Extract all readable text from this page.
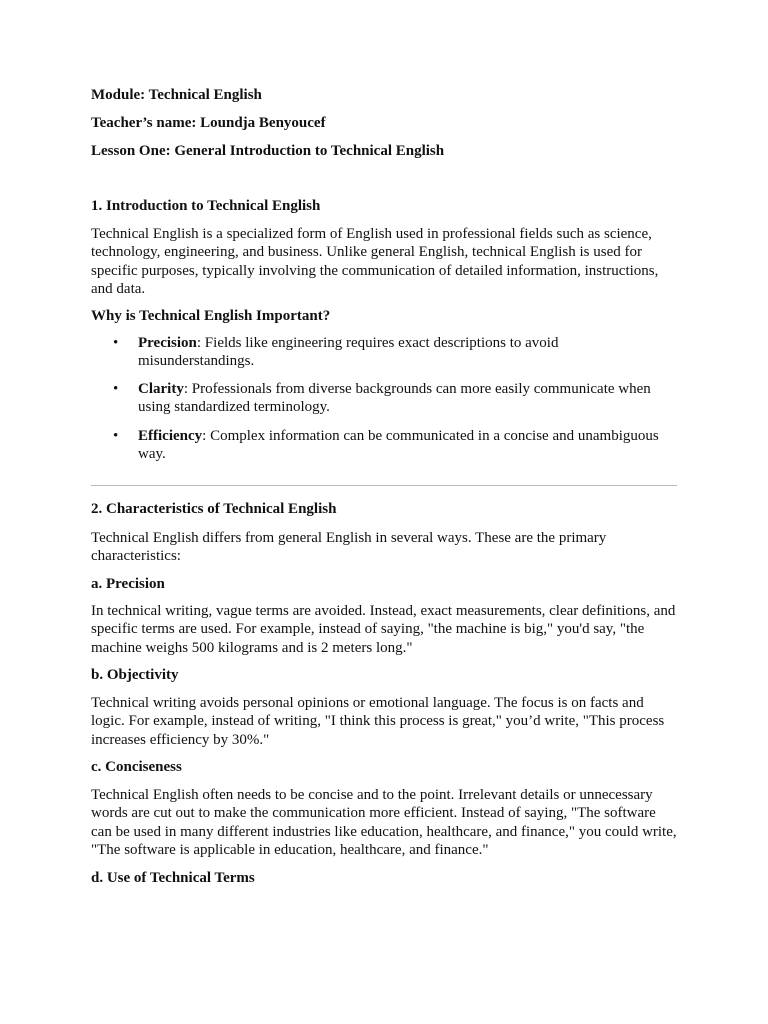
Module: Technical English

Teacher’s name: Loundja Benyoucef

Lesson One: General Introduction to Technical English

1. Introduction to Technical English

Technical English is a specialized form of English used in professional fields such as science, technology, engineering, and business. Unlike general English, technical English is used for specific purposes, typically involving the communication of detailed information, instructions, and data.

Why is Technical English Important?

• Precision: Fields like engineering requires exact descriptions to avoid misunderstandings.
• Clarity: Professionals from diverse backgrounds can more easily communicate when using standardized terminology.
• Efficiency: Complex information can be communicated in a concise and unambiguous way.

2. Characteristics of Technical English

Technical English differs from general English in several ways. These are the primary characteristics:

a. Precision

In technical writing, vague terms are avoided. Instead, exact measurements, clear definitions, and specific terms are used. For example, instead of saying, "the machine is big," you'd say, "the machine weighs 500 kilograms and is 2 meters long."

b. Objectivity

Technical writing avoids personal opinions or emotional language. The focus is on facts and logic. For example, instead of writing, "I think this process is great," you’d write, "This process increases efficiency by 30%."

c. Conciseness

Technical English often needs to be concise and to the point. Irrelevant details or unnecessary words are cut out to make the communication more efficient. Instead of saying, "The software can be used in many different industries like education, healthcare, and finance," you could write, "The software is applicable in education, healthcare, and finance."

d. Use of Technical Terms
